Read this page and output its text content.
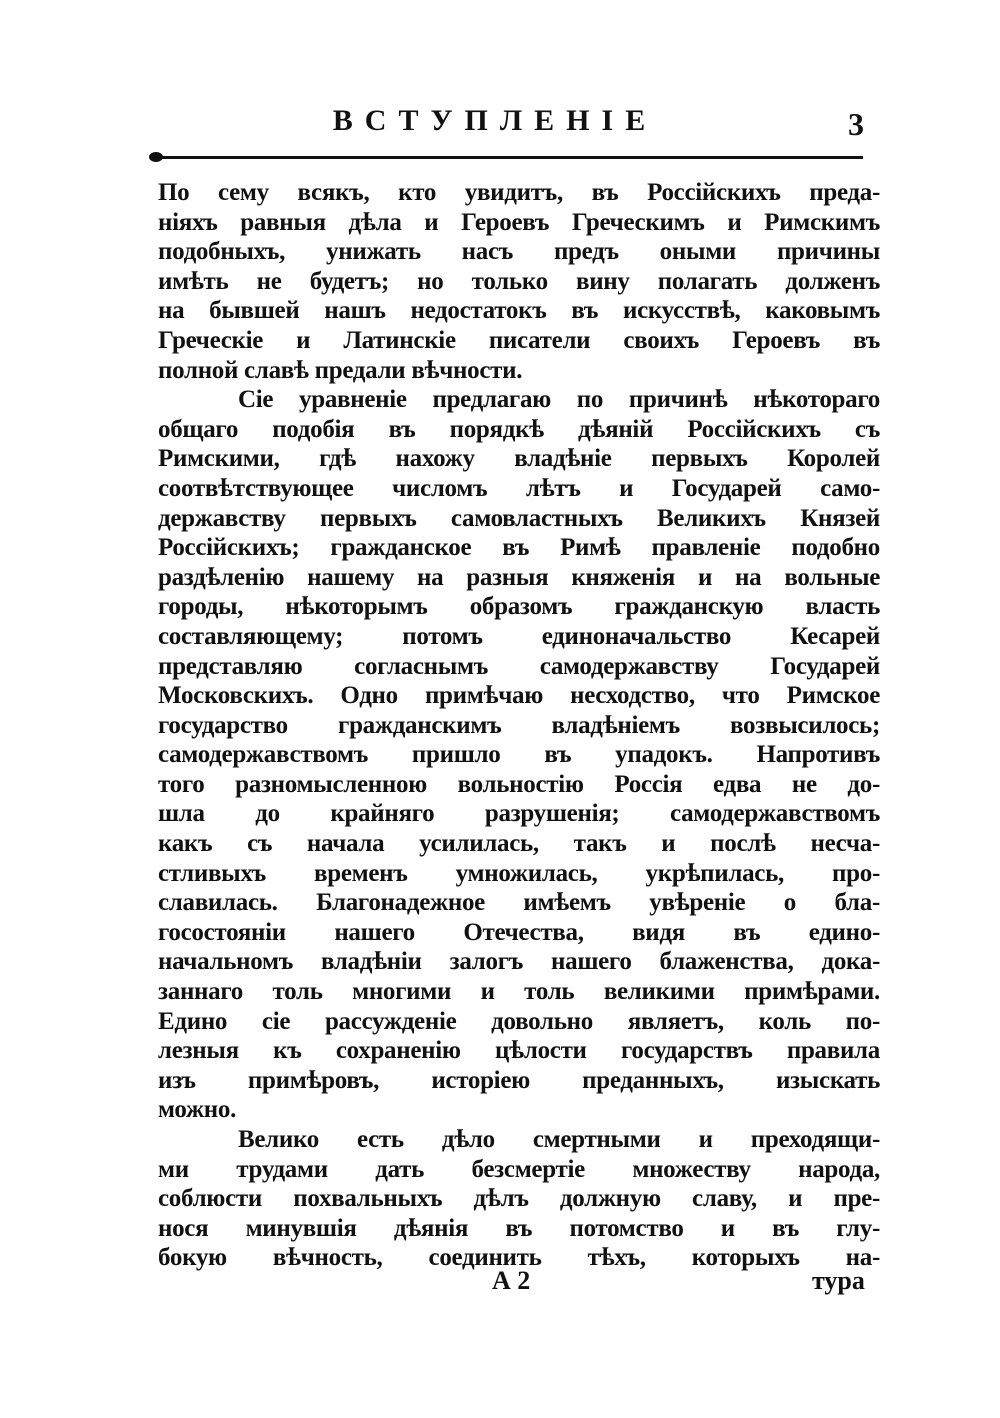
ВСТУПЛЕНIЕ	3
По сему всякъ, кто увидитъ, въ Россiйскихъ преда-
нiяхъ равныя дѣла и Героевъ Греческимъ и Римскимъ
подобныхъ, унижать насъ предъ оными причины
имѣть не будетъ; но только вину полагать долженъ
на бывшей нашъ недостатокъ въ искусствѣ, каковымъ
Греческiе и Латинскiе писатели своихъ Героевъ въ
полной славѣ предали вѣчности.
Сiе уравненiе предлагаю по причинѣ нѣкотораго
общаго подобiя въ порядкѣ дѣянiй Россiйскихъ съ
Римскими, гдѣ нахожу владѣнiе первыхъ Королей
соотвѣтствующее числомъ лѣтъ и Государей само-
державству первыхъ самовластныхъ Великихъ Князей
Россiйскихъ; гражданское въ Римѣ правленiе подобно
раздѣленiю нашему на разныя княженiя и на вольные
городы, нѣкоторымъ образомъ гражданскую власть
составляющему; потомъ единоначальство Кесарей
представляю согласнымъ самодержавству Государей
Московскихъ. Одно примѣчаю несходство, что Римское
государство гражданскимъ владѣнiемъ возвысилось;
самодержавствомъ пришло въ упадокъ. Напротивъ
того разномысленною вольностiю Россiя едва не до-
шла до крайняго разрушенiя; самодержавствомъ
какъ съ начала усилилась, такъ и послѣ несча-
стливыхъ временъ умножилась, укрѣпилась, про-
славилась. Благонадежное имѣемъ увѣренiе о бла-
госостоянiи нашего Отечества, видя въ едино-
начальномъ владѣнiи залогъ нашего блаженства, дока-
заннаго толь многими и толь великими примѣрами.
Едино сiе рассужденiе довольно являетъ, коль по-
лезныя къ сохраненiю цѣлости государствъ правила
изъ примѣровъ, исторiею преданныхъ, изыскать
можно.
Велико есть дѣло смертными и преходящи-
ми трудами дать безсмертiе множеству народа,
соблюсти похвальныхъ дѣлъ должную славу, и пре-
нося минувшiя дѣянiя въ потомство и въ глу-
бокую вѣчность, соединить тѣхъ, которыхъ на-
А 2	тура
